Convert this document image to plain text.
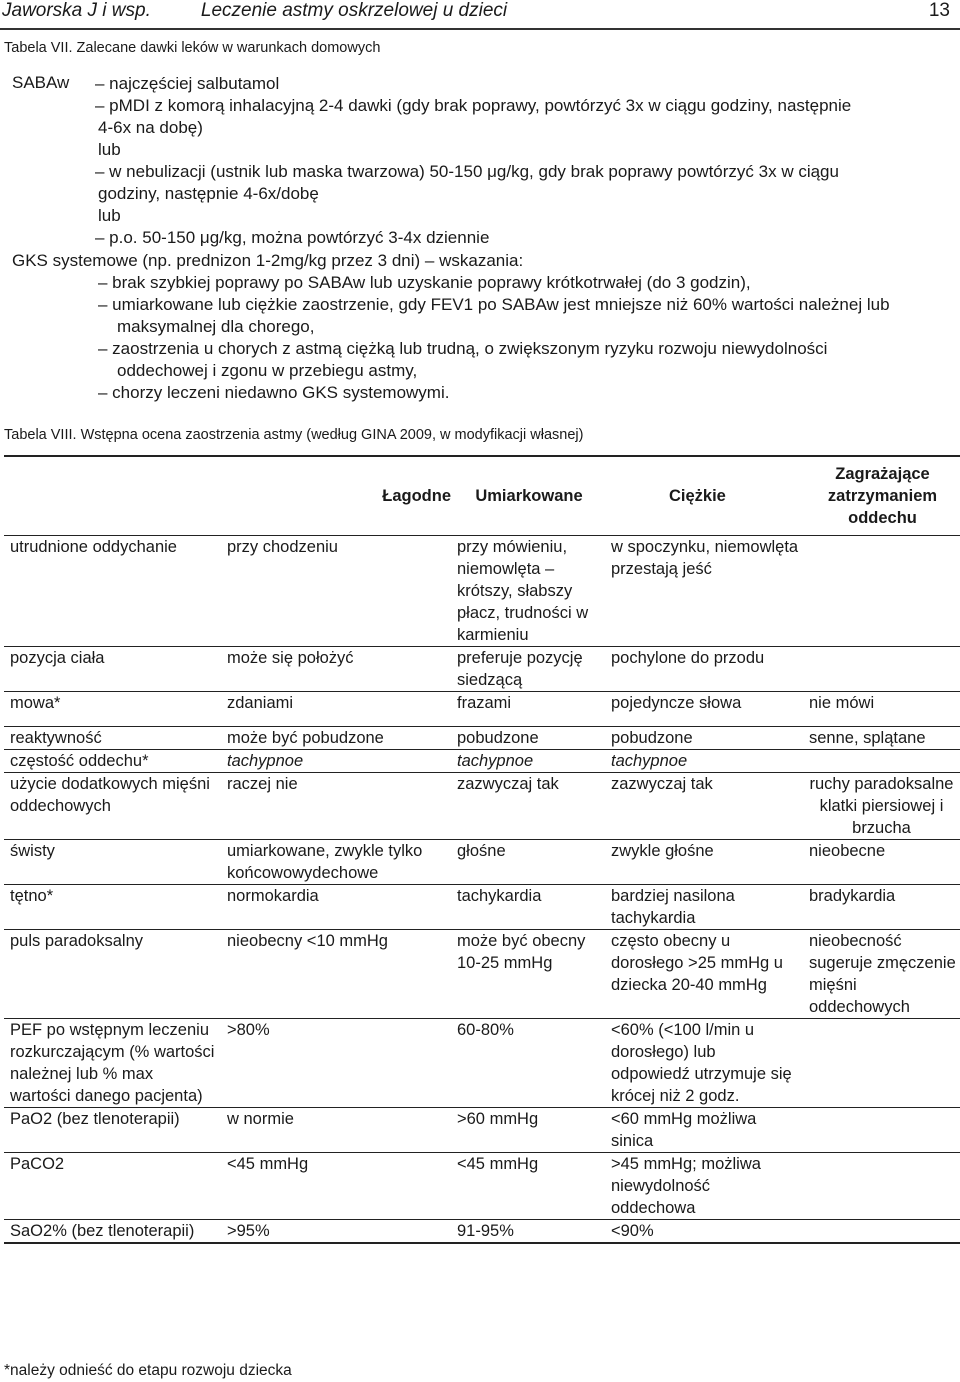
Jaworska J i wsp.	Leczenie astmy oskrzelowej u dzieci	13
Tabela VII. Zalecane dawki leków w warunkach domowych
SABAw – najczęściej salbutamol
– pMDI z komorą inhalacyjną 2-4 dawki (gdy brak poprawy, powtórzyć 3x w ciągu godziny, następnie
4-6x na dobę)
lub
– w nebulizacji (ustnik lub maska twarzowa) 50-150 μg/kg, gdy brak poprawy powtórzyć 3x w ciągu
godziny, następnie 4-6x/dobę
lub
– p.o. 50-150 μg/kg, można powtórzyć 3-4x dziennie
GKS systemowe (np. prednizon 1-2mg/kg przez 3 dni) – wskazania:
– brak szybkiej poprawy po SABAw lub uzyskanie poprawy krótkotrwałej (do 3 godzin),
– umiarkowane lub ciężkie zaostrzenie, gdy FEV1 po SABAw jest mniejsze niż 60% wartości należnej lub
maksymalnej dla chorego,
– zaostrzenia u chorych z astmą ciężką lub trudną, o zwiększonym ryzyku rozwoju niewydolności
oddechowej i zgonu w przebiegu astmy,
– chorzy leczeni niedawno GKS systemowymi.
Tabela VIII. Wstępna ocena zaostrzenia astmy (według GINA 2009, w modyfikacji własnej)
	Łagodne	Umiarkowane	Ciężkie	Zagrażające zatrzymaniem oddechu
utrudnione oddychanie	przy chodzeniu	przy mówieniu, niemowlęta – krótszy, słabszy płacz, trudności w karmieniu	w spoczynku, niemowlęta przestają jeść	
pozycja ciała	może się położyć	preferuje pozycję siedzącą	pochylone do przodu	
mowa*	zdaniami	frazami	pojedyncze słowa	nie mówi

reaktywność	może być pobudzone	pobudzone	pobudzone	senne, splątane
częstość oddechu*	tachypnoe	tachypnoe	tachypnoe	
użycie dodatkowych mięśni oddechowych	raczej nie	zazwyczaj tak	zazwyczaj tak	ruchy paradoksalne klatki piersiowej i brzucha
świsty	umiarkowane, zwykle tylko końcowowydechowe	głośne	zwykle głośne	nieobecne
tętno*	normokardia	tachykardia	bardziej nasilona tachykardia	bradykardia
puls paradoksalny	nieobecny <10 mmHg	może być obecny 10-25 mmHg	często obecny u dorosłego >25 mmHg u dziecka 20-40 mmHg	nieobecność sugeruje zmęczenie mięśni oddechowych
PEF po wstępnym leczeniu rozkurczającym (% wartości należnej lub % max wartości danego pacjenta)	>80%	60-80%	<60% (<100 l/min u dorosłego) lub odpowiedź utrzymuje się krócej niż 2 godz.	
PaO2 (bez tlenoterapii)	w normie	>60 mmHg	<60 mmHg możliwa sinica	
PaCO2	<45 mmHg	<45 mmHg	>45 mmHg; możliwa niewydolność oddechowa	
SaO2% (bez tlenoterapii)	>95%	91-95%	<90%	
*należy odnieść do etapu rozwoju dziecka
